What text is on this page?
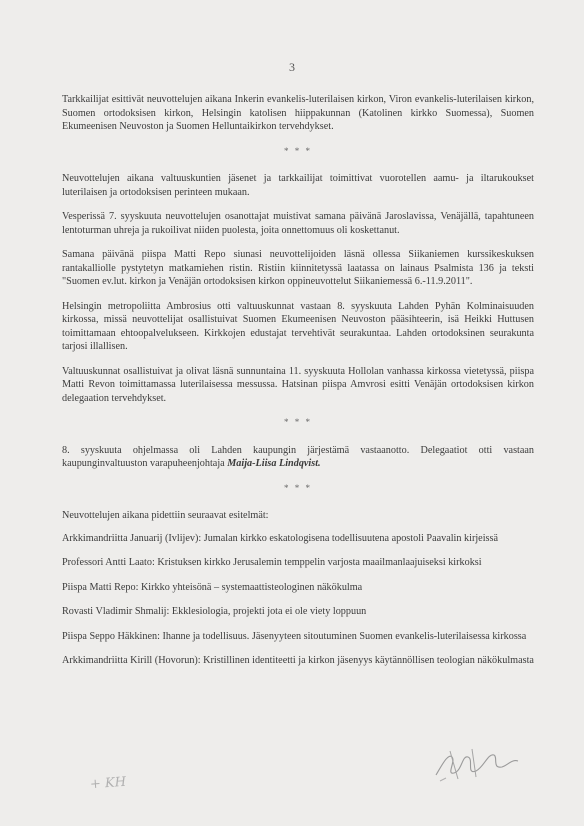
3

Tarkkailijat esittivät neuvottelujen aikana Inkerin evankelis-luterilaisen kirkon, Viron evankelis-luterilaisen kirkon, Suomen ortodoksisen kirkon, Helsingin katolisen hiippakunnan (Katolinen kirkko Suomessa), Suomen Ekumeenisen Neuvoston ja Suomen Helluntaikirkon tervehdykset.

* * *

Neuvottelujen aikana valtuuskuntien jäsenet ja tarkkailijat toimittivat vuorotellen aamu- ja iltarukoukset luterilaisen ja ortodoksisen perinteen mukaan.

Vesperissä 7. syyskuuta neuvottelujen osanottajat muistivat samana päivänä Jaroslavissa, Venäjällä, tapahtuneen lentoturman uhreja ja rukoilivat niiden puolesta, joita onnettomuus oli koskettanut.

Samana päivänä piispa Matti Repo siunasi neuvottelijoiden läsnä ollessa Siikaniemen kurssikeskuksen rantakalliolle pystytetyn matkamiehen ristin. Ristiin kiinnitetyssä laatassa on lainaus Psalmista 136 ja teksti "Suomen ev.lut. kirkon ja Venäjän ortodoksisen kirkon oppineuvottelut Siikaniemessä 6.-11.9.2011".

Helsingin metropoliitta Ambrosius otti valtuuskunnat vastaan 8. syyskuuta Lahden Pyhän Kolminaisuuden kirkossa, missä neuvottelijat osallistuivat Suomen Ekumeenisen Neuvoston pääsihteerin, isä Heikki Huttusen toimittamaan ehtoopalvelukseen. Kirkkojen edustajat tervehtivät seurakuntaa. Lahden ortodoksinen seurakunta tarjosi illallisen.

Valtuuskunnat osallistuivat ja olivat läsnä sunnuntaina 11. syyskuuta Hollolan vanhassa kirkossa vietetyssä, piispa Matti Revon toimittamassa luterilaisessa messussa. Hatsinan piispa Amvrosi esitti Venäjän ortodoksisen kirkon delegaation tervehdykset.

* * *

8. syyskuuta ohjelmassa oli Lahden kaupungin järjestämä vastaanotto. Delegaatiot otti vastaan kaupunginvaltuuston varapuheenjohtaja Maija-Liisa Lindqvist.

* * *

Neuvottelujen aikana pidettiin seuraavat esitelmät:

Arkkimandriitta Januarij (Ivlijev): Jumalan kirkko eskatologisena todellisuutena apostoli Paavalin kirjeissä

Professori Antti Laato: Kristuksen kirkko Jerusalemin temppelin varjosta maailmanlaajuiseksi kirkoksi

Piispa Matti Repo: Kirkko yhteisönä – systemaattisteologinen näkökulma

Rovasti Vladimir Shmalij: Ekklesiologia, projekti jota ei ole viety loppuun

Piispa Seppo Häkkinen: Ihanne ja todellisuus. Jäsenyyteen sitoutuminen Suomen evankelis-luterilaisessa kirkossa

Arkkimandriitta Kirill (Hovorun): Kristillinen identiteetti ja kirkon jäsenyys käytännöllisen teologian näkökulmasta

+ KH
